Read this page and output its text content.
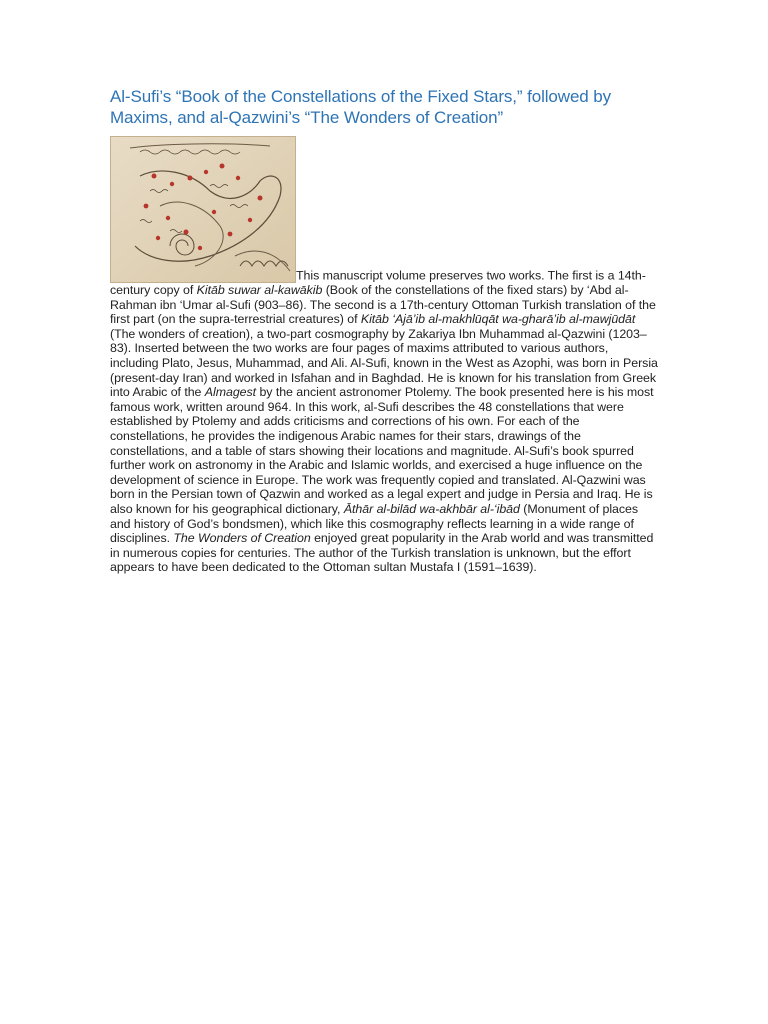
Al-Sufi’s “Book of the Constellations of the Fixed Stars,” followed by Maxims, and al-Qazwini’s “The Wonders of Creation”

This manuscript volume preserves two works. The first is a 14th-century copy of Kitāb suwar al-kawākib (Book of the constellations of the fixed stars) by ‘Abd al-Rahman ibn ‘Umar al-Sufi (903–86). The second is a 17th-century Ottoman Turkish translation of the first part (on the supra-terrestrial creatures) of Kitāb ‘Ajā’ib al-makhlūqāt wa-gharā’ib al-mawjūdāt (The wonders of creation), a two-part cosmography by Zakariya Ibn Muhammad al-Qazwini (1203–83). Inserted between the two works are four pages of maxims attributed to various authors, including Plato, Jesus, Muhammad, and Ali. Al-Sufi, known in the West as Azophi, was born in Persia (present-day Iran) and worked in Isfahan and in Baghdad. He is known for his translation from Greek into Arabic of the Almagest by the ancient astronomer Ptolemy. The book presented here is his most famous work, written around 964. In this work, al-Sufi describes the 48 constellations that were established by Ptolemy and adds criticisms and corrections of his own. For each of the constellations, he provides the indigenous Arabic names for their stars, drawings of the constellations, and a table of stars showing their locations and magnitude. Al-Sufi’s book spurred further work on astronomy in the Arabic and Islamic worlds, and exercised a huge influence on the development of science in Europe. The work was frequently copied and translated. Al-Qazwini was born in the Persian town of Qazwin and worked as a legal expert and judge in Persia and Iraq. He is also known for his geographical dictionary, Āthār al-bilād wa-akhbār al-‘ibād (Monument of places and history of God’s bondsmen), which like this cosmography reflects learning in a wide range of disciplines. The Wonders of Creation enjoyed great popularity in the Arab world and was transmitted in numerous copies for centuries. The author of the Turkish translation is unknown, but the effort appears to have been dedicated to the Ottoman sultan Mustafa I (1591–1639).
